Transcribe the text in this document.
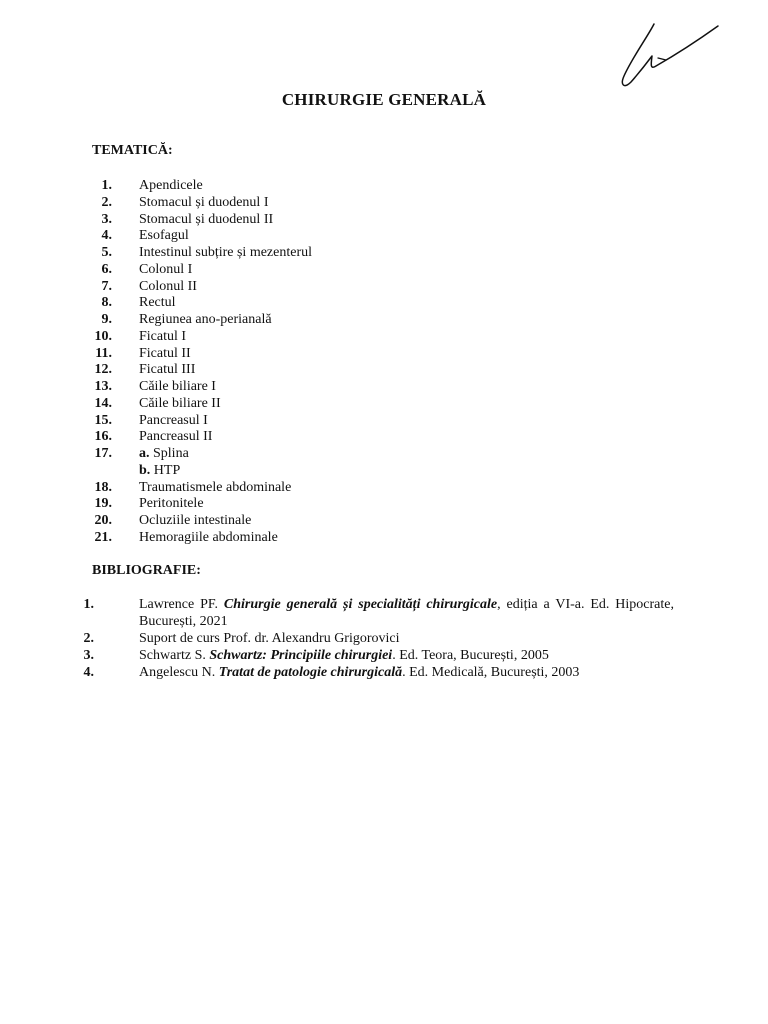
CHIRURGIE GENERALĂ
TEMATICĂ:
1. Apendicele
2. Stomacul și duodenul I
3. Stomacul și duodenul II
4. Esofagul
5. Intestinul subțire și mezenterul
6. Colonul I
7. Colonul II
8. Rectul
9. Regiunea ano-perianală
10. Ficatul I
11. Ficatul II
12. Ficatul III
13. Căile biliare I
14. Căile biliare II
15. Pancreasul I
16. Pancreasul II
17. a. Splina
b. HTP
18. Traumatismele abdominale
19. Peritonitele
20. Ocluziile intestinale
21. Hemoragiile abdominale
BIBLIOGRAFIE:
1.	Lawrence PF. Chirurgie generală și specialități chirurgicale, ediția a VI-a. Ed. Hipocrate, București, 2021
2.	Suport de curs Prof. dr. Alexandru Grigorovici
3.	Schwartz S. Schwartz: Principiile chirurgiei. Ed. Teora, București, 2005
4.	Angelescu N. Tratat de patologie chirurgicală. Ed. Medicală, București, 2003
